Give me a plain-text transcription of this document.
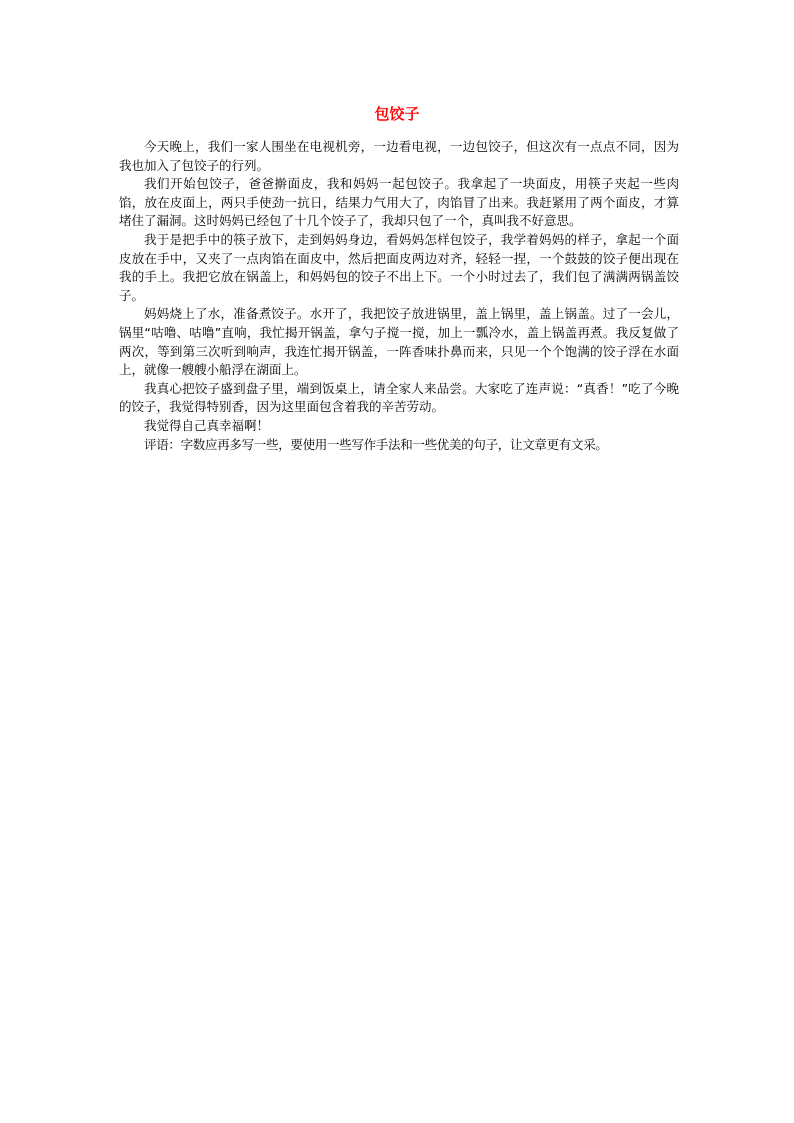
包饺子

今天晚上，我们一家人围坐在电视机旁，一边看电视，一边包饺子，但这次有一点点不同，因为我也加入了包饺子的行列。

我们开始包饺子，爸爸擀面皮，我和妈妈一起包饺子。我拿起了一块面皮，用筷子夹起一些肉馅，放在皮面上，两只手使劲一抗日，结果力气用大了，肉馅冒了出来。我赶紧用了两个面皮，才算堵住了漏洞。这时妈妈已经包了十几个饺子了，我却只包了一个，真叫我不好意思。

我于是把手中的筷子放下，走到妈妈身边，看妈妈怎样包饺子，我学着妈妈的样子，拿起一个面皮放在手中，又夹了一点肉馅在面皮中，然后把面皮两边对齐，轻轻一捏，一个鼓鼓的饺子便出现在我的手上。我把它放在锅盖上，和妈妈包的饺子不出上下。一个小时过去了，我们包了满满两锅盖饺子。

妈妈烧上了水，准备煮饺子。水开了，我把饺子放进锅里，盖上锅里，盖上锅盖。过了一会儿，锅里“咕噜、咕噜”直响，我忙揭开锅盖，拿勺子搅一搅，加上一瓢冷水，盖上锅盖再煮。我反复做了两次，等到第三次听到响声，我连忙揭开锅盖，一阵香味扑鼻而来，只见一个个饱满的饺子浮在水面上，就像一艘艘小船浮在湖面上。

我真心把饺子盛到盘子里，端到饭桌上，请全家人来品尝。大家吃了连声说：“真香！”吃了今晚的饺子，我觉得特别香，因为这里面包含着我的辛苦劳动。

我觉得自己真幸福啊！

评语：字数应再多写一些，要使用一些写作手法和一些优美的句子，让文章更有文采。
